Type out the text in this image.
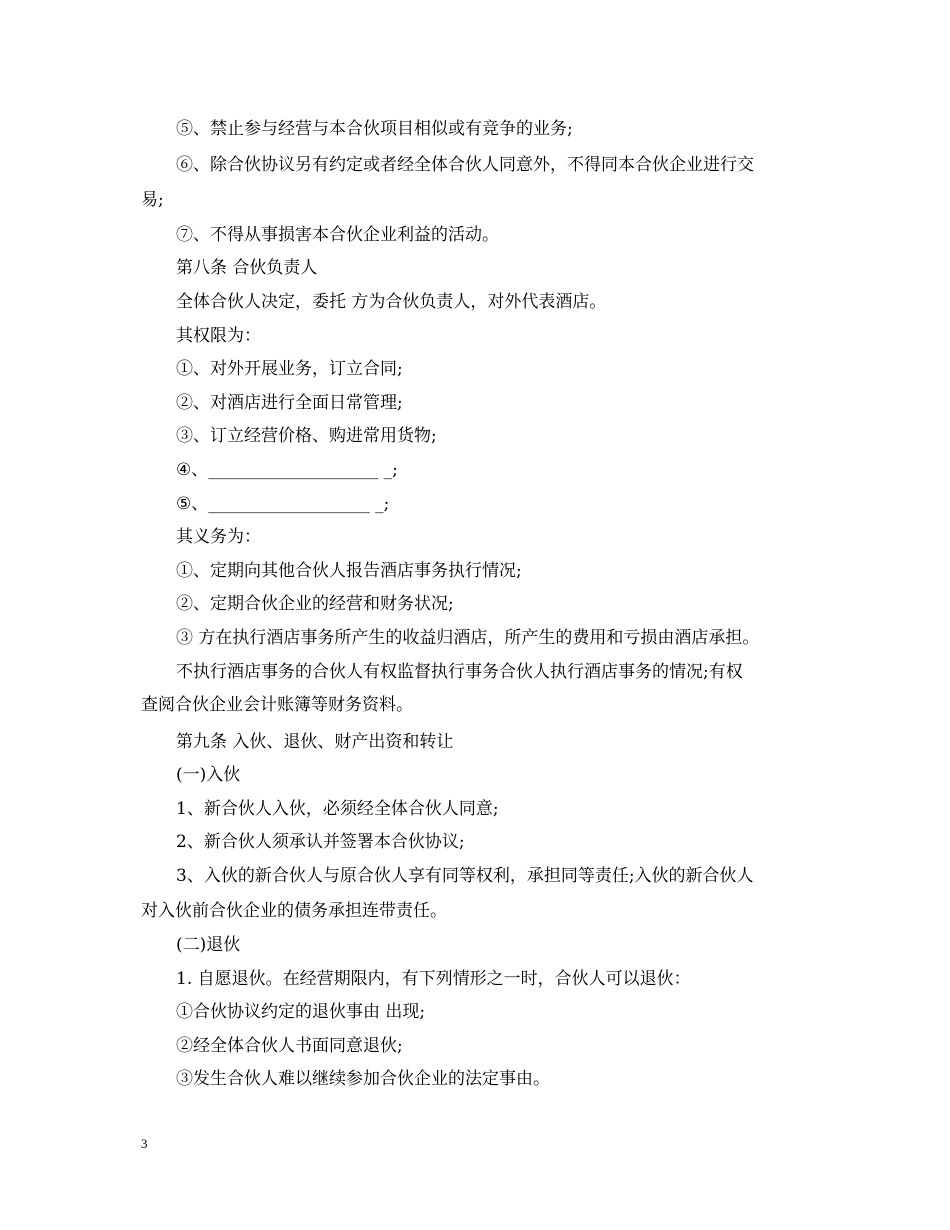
⑤、禁止参与经营与本合伙项目相似或有竞争的业务;
⑥、除合伙协议另有约定或者经全体合伙人同意外，不得同本合伙企业进行交
易;
⑦、不得从事损害本合伙企业利益的活动。
第八条 合伙负责人
全体合伙人决定，委托 方为合伙负责人，对外代表酒店。
其权限为：
①、对外开展业务，订立合同;
②、对酒店进行全面日常管理;
③、订立经营价格、购进常用货物;
④、____________________ _;
⑤、___________________ _;
其义务为：
①、定期向其他合伙人报告酒店事务执行情况;
②、定期合伙企业的经营和财务状况;
③ 方在执行酒店事务所产生的收益归酒店，所产生的费用和亏损由酒店承担。
不执行酒店事务的合伙人有权监督执行事务合伙人执行酒店事务的情况;有权
查阅合伙企业会计账簿等财务资料。
第九条 入伙、退伙、财产出资和转让
(一)入伙
1、新合伙人入伙，必须经全体合伙人同意;
2、新合伙人须承认并签署本合伙协议;
3、入伙的新合伙人与原合伙人享有同等权利，承担同等责任;入伙的新合伙人
对入伙前合伙企业的债务承担连带责任。
(二)退伙
1. 自愿退伙。在经营期限内，有下列情形之一时，合伙人可以退伙：
①合伙协议约定的退伙事由 出现;
②经全体合伙人书面同意退伙;
③发生合伙人难以继续参加合伙企业的法定事由。
3
